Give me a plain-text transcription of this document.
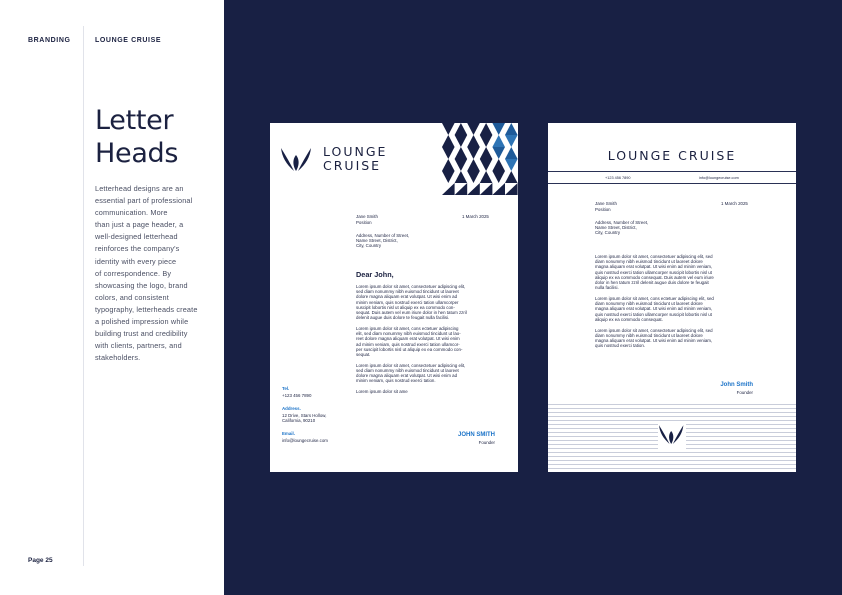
BRANDING	LOUNGE CRUISE
Letter
Heads
Letterhead designs are an
essential part of professional
communication. More
than just a page header, a
well-designed letterhead
reinforces the company's
identity with every piece
of correspondence. By
showcasing the logo, brand
colors, and consistent
typography, letterheads create
a polished impression while
building trust and credibility
with clients, partners, and
stakeholders.
Page 25
LOUNGE
CRUISE
Jane Smith
Position
1 March 2025
Address, Number of Street,
Name Street, District,
City, Country
Dear John,

Lorem ipsum dolor sit amet, consectetuer adipiscing elit,
sed diam nonummy nibh euismod tincidunt ut laoreet
dolore magna aliquam erat volutpat. Ut wisi enim ad
minim veniam, quis nostrud exerci tation ullamcorper
suscipit lobortis nisl ut aliquip ex ea commodo con-
sequat. Duis autem vel eum iriure dolor in hen tatum zzril
delenit augue duis dolore te feugait nulla facilisi.

Lorem ipsum dolor sit amet, cons ectetuer adipiscing
elit, sed diam nonummy nibh euismod tincidunt ut lao-
reet dolore magna aliquam erat volutpat. Ut wisi enim
ad minim veniam, quis nostrud exerci tation ullamcor-
per suscipit lobortis nisl ut aliquip ex ea commodo con-
sequat.

Lorem ipsum dolor sit amet, consectetuer adipiscing elit,
sed diam nonummy nibh euismod tincidunt ut laoreet
dolore magna aliquam erat volutpat. Ut wisi enim ad
minim veniam, quis nostrud exerci tation.

Lorem ipsum dolor sit ame

Tel.
+123 456 7890
Address.
12 Drive, Stars Hollow,
California, 90210
Email.
info@loungecruise.com
JOHN SMITH
Founder
LOUNGE CRUISE
+123 456 7890	info@loungecruise.com
Jane Smith
Position
1 March 2025
Address, Number of Street,
Name Street, District,
City, Country

Lorem ipsum dolor sit amet, consectetuer adipiscing elit, sed
diam nonummy nibh euismod tincidunt ut laoreet dolore
magna aliquam erat volutpat. Ut wisi enim ad minim veniam,
quis nostrud exerci tation ullamcorper suscipit lobortis nisl ut
aliquip ex ea commodo consequat. Duis autem vel eum iriure
dolor in hen tatum zzril delenit augue duis dolore te feugait
nulla facilisi.

Lorem ipsum dolor sit amet, cons ectetuer adipiscing elit, sed
diam nonummy nibh euismod tincidunt ut laoreet dolore
magna aliquam erat volutpat. Ut wisi enim ad minim veniam,
quis nostrud exerci tation ullamcorper suscipit lobortis nisl ut
aliquip ex ea commodo consequat.

Lorem ipsum dolor sit amet, consectetuer adipiscing elit, sed
diam nonummy nibh euismod tincidunt ut laoreet dolore
magna aliquam erat volutpat. Ut wisi enim ad minim veniam,
quis nostrud exerci tation.

John Smith
Founder
